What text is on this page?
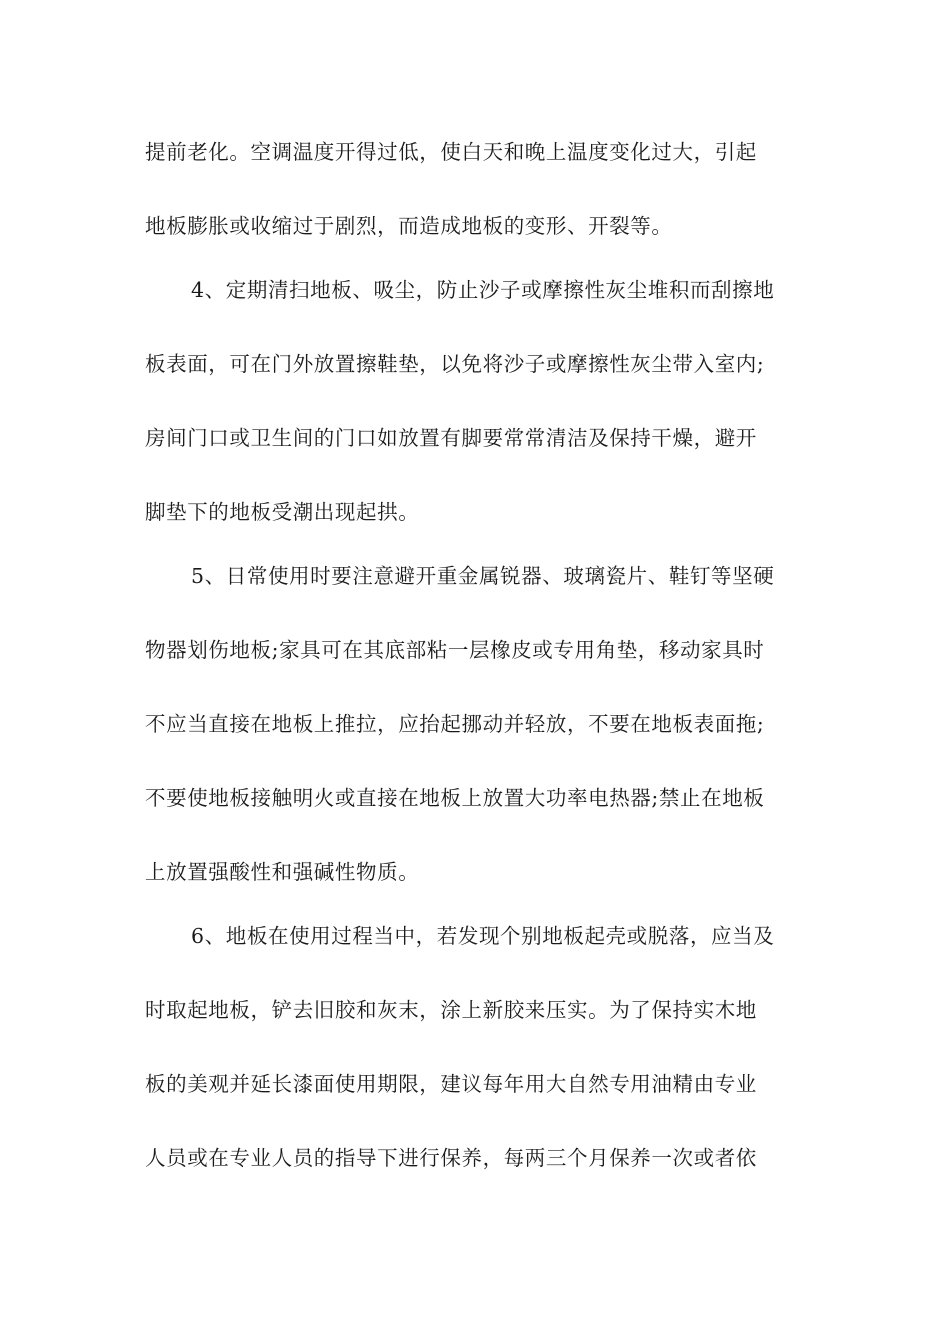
提前老化。空调温度开得过低，使白天和晚上温度变化过大，引起
地板膨胀或收缩过于剧烈，而造成地板的变形、开裂等。
4、定期清扫地板、吸尘，防止沙子或摩擦性灰尘堆积而刮擦地
板表面，可在门外放置擦鞋垫，以免将沙子或摩擦性灰尘带入室内;
房间门口或卫生间的门口如放置有脚要常常清洁及保持干燥，避开
脚垫下的地板受潮出现起拱。
5、日常使用时要注意避开重金属锐器、玻璃瓷片、鞋钉等坚硬
物器划伤地板;家具可在其底部粘一层橡皮或专用角垫，移动家具时
不应当直接在地板上推拉，应抬起挪动并轻放，不要在地板表面拖;
不要使地板接触明火或直接在地板上放置大功率电热器;禁止在地板
上放置强酸性和强碱性物质。
6、地板在使用过程当中，若发现个别地板起壳或脱落，应当及
时取起地板，铲去旧胶和灰末，涂上新胶来压实。为了保持实木地
板的美观并延长漆面使用期限，建议每年用大自然专用油精由专业
人员或在专业人员的指导下进行保养，每两三个月保养一次或者依
